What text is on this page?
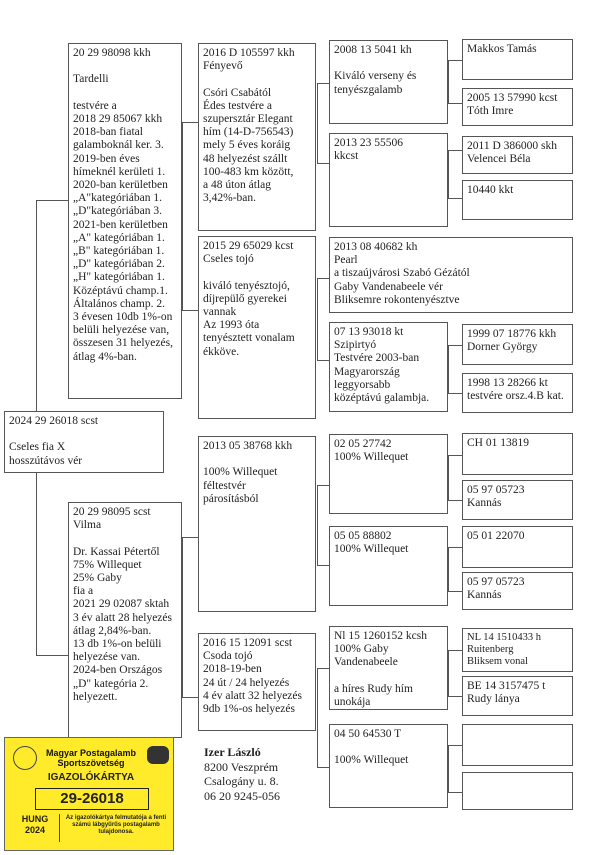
2024 29 26018 scst

Cseles fia X
hosszútávos vér
20 29 98098 kkh

Tardelli

testvére a
2018 29 85067 kkh
2018-ban fiatal
galamboknál ker. 3.
2019-ben éves
hímeknél kerületi 1.
2020-ban kerületben
„A"kategóriában 1.
„D"kategóriában 3.
2021-ben kerületben
„A" kategóriában 1.
„B" kategóriában 1.
„D" kategóriában 2.
„H" kategóriában 1.
Középtávú champ.1.
Általános champ. 2.
3 évesen 10db 1%-on
belüli helyezése van,
összesen 31 helyezés,
átlag 4%-ban.
20 29 98095 scst
Vilma

Dr. Kassai Pétertől
75% Willequet
25% Gaby
fia a
2021 29 02087 sktah
3 év alatt 28 helyezés
átlag 2,84%-ban.
13 db 1%-on belüli
helyezése van.
2024-ben Országos
„D" kategória 2.
helyezett.
2016 D 105597 kkh
Fényevő

Csóri Csabától
Édes testvére a
szupersztár Elegant
hím (14-D-756543)
mely 5 éves koráig
48 helyezést szállt
100-483 km között,
a 48 úton átlag
3,42%-ban.
2015 29 65029 kcst
Cseles tojó

kiváló tenyésztojó,
díjrepülő gyerekei
vannak
Az 1993 óta
tenyésztett vonalam
ékköve.
2013 05 38768 kkh

100% Willequet
féltestvér
párosításból
2016 15 12091 scst
Csoda tojó
2018-19-ben
24 út / 24 helyezés
4 év alatt 32 helyezés
9db 1%-os helyezés
2008 13 5041 kh

Kiváló verseny és
tenyészgalamb
2013 23 55506
kkcst
2013 08 40682 kh
Pearl
a tiszaújvárosi Szabó Gézától
Gaby Vandenabeele vér
Bliksemre rokontenyésztve
07 13 93018 kt
Szipirtyó
Testvére 2003-ban
Magyarország
leggyorsabb
középtávú galambja.
02 05 27742
100% Willequet
05 05 88802
100% Willequet
Nl 15 1260152 kcsh
100% Gaby
Vandenabeele

a híres Rudy hím
unokája
04 50 64530 T

100% Willequet
Makkos Tamás
2005 13 57990 kcst
Tóth Imre
2011 D 386000 skh
Velencei Béla
10440 kkt
1999 07 18776 kkh
Dorner György
1998 13 28266 kt
testvére orsz.4.B kat.
CH 01 13819
05 97 05723
Kannás
05 01 22070
05 97 05723
Kannás
NL 14 1510433 h
Ruitenberg
Bliksem vonal
BE 14 3157475 t
Rudy lánya
Izer László
8200 Veszprém
Csalogány u. 8.
06 20 9245-056
Magyar Postagalamb Sportszövetség
IGAZOLÓKÁRTYA
29-26018
HUNG
2024
Az igazolókártya felmutatója a fenti számú lábgyűrűs postagalamb tulajdonosa.
